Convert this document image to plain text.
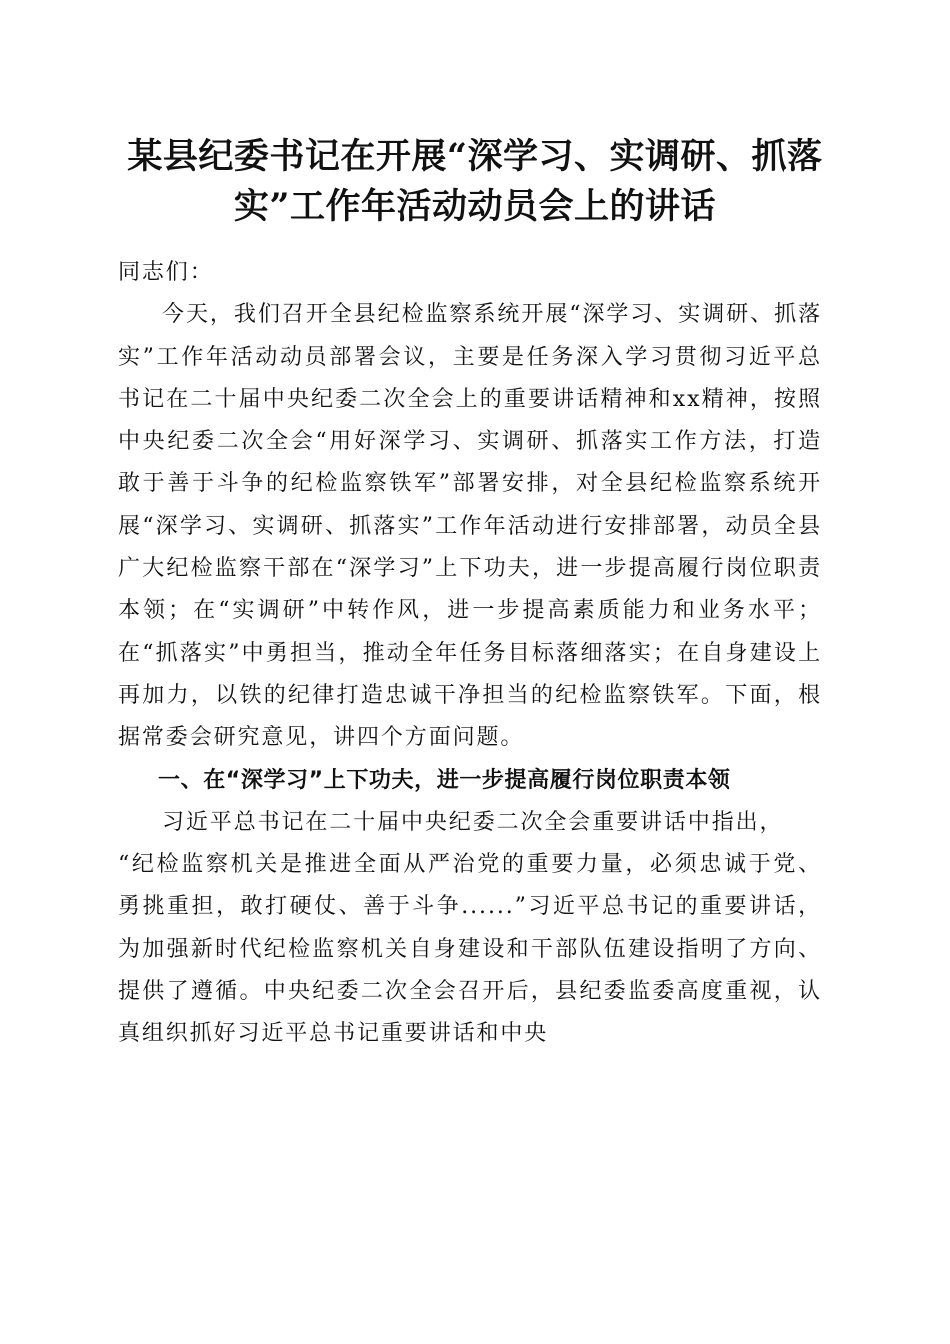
某县纪委书记在开展“深学习、实调研、抓落
实”工作年活动动员会上的讲话

同志们：

今天，我们召开全县纪检监察系统开展“深学习、实调研、抓落实”工作年活动动员部署会议，主要是任务深入学习贯彻习近平总书记在二十届中央纪委二次全会上的重要讲话精神和xx精神，按照中央纪委二次全会“用好深学习、实调研、抓落实工作方法，打造敢于善于斗争的纪检监察铁军”部署安排，对全县纪检监察系统开展“深学习、实调研、抓落实”工作年活动进行安排部署，动员全县广大纪检监察干部在“深学习”上下功夫，进一步提高履行岗位职责本领；在“实调研”中转作风，进一步提高素质能力和业务水平；在“抓落实”中勇担当，推动全年任务目标落细落实；在自身建设上再加力，以铁的纪律打造忠诚干净担当的纪检监察铁军。下面，根据常委会研究意见，讲四个方面问题。

一、在“深学习”上下功夫，进一步提高履行岗位职责本领

习近平总书记在二十届中央纪委二次全会重要讲话中指出，

“纪检监察机关是推进全面从严治党的重要力量，必须忠诚于党、勇挑重担，敢打硬仗、善于斗争......”习近平总书记的重要讲话，为加强新时代纪检监察机关自身建设和干部队伍建设指明了方向、提供了遵循。中央纪委二次全会召开后，县纪委监委高度重视，认真组织抓好习近平总书记重要讲话和中央
